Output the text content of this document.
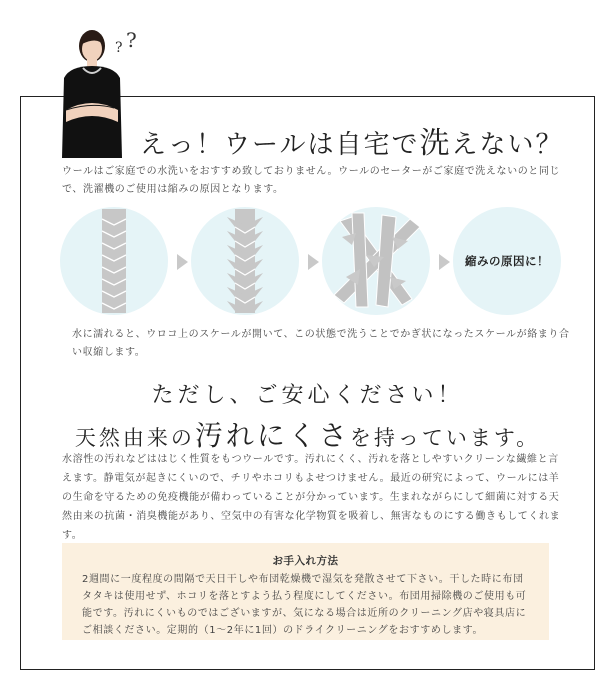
? ?
えっ！ウールは自宅で洗えない？
ウールはご家庭での水洗いをおすすめ致しておりません。ウールのセーターがご家庭で洗えないのと同じで、洗濯機のご使用は縮みの原因となります。
縮みの原因に！
水に濡れると、ウロコ上のスケールが開いて、この状態で洗うことでかぎ状になったスケールが絡まり合い収縮します。
ただし、ご安心ください！
天然由来の汚れにくさを持っています。
水溶性の汚れなどははじく性質をもつウールです。汚れにくく、汚れを落としやすいクリーンな繊維と言えます。静電気が起きにくいので、チリやホコリもよせつけません。最近の研究によって、ウールには羊の生命を守るための免疫機能が備わっていることが分かっています。生まれながらにして細菌に対する天然由来の抗菌・消臭機能があり、空気中の有害な化学物質を吸着し、無害なものにする働きもしてくれます。
お手入れ方法
2週間に一度程度の間隔で天日干しや布団乾燥機で湿気を発散させて下さい。干した時に布団タタキは使用せず、ホコリを落とすよう払う程度にしてください。布団用掃除機のご使用も可能です。汚れにくいものではございますが、気になる場合は近所のクリーニング店や寝具店にご相談ください。定期的（1～2年に1回）のドライクリーニングをおすすめします。
